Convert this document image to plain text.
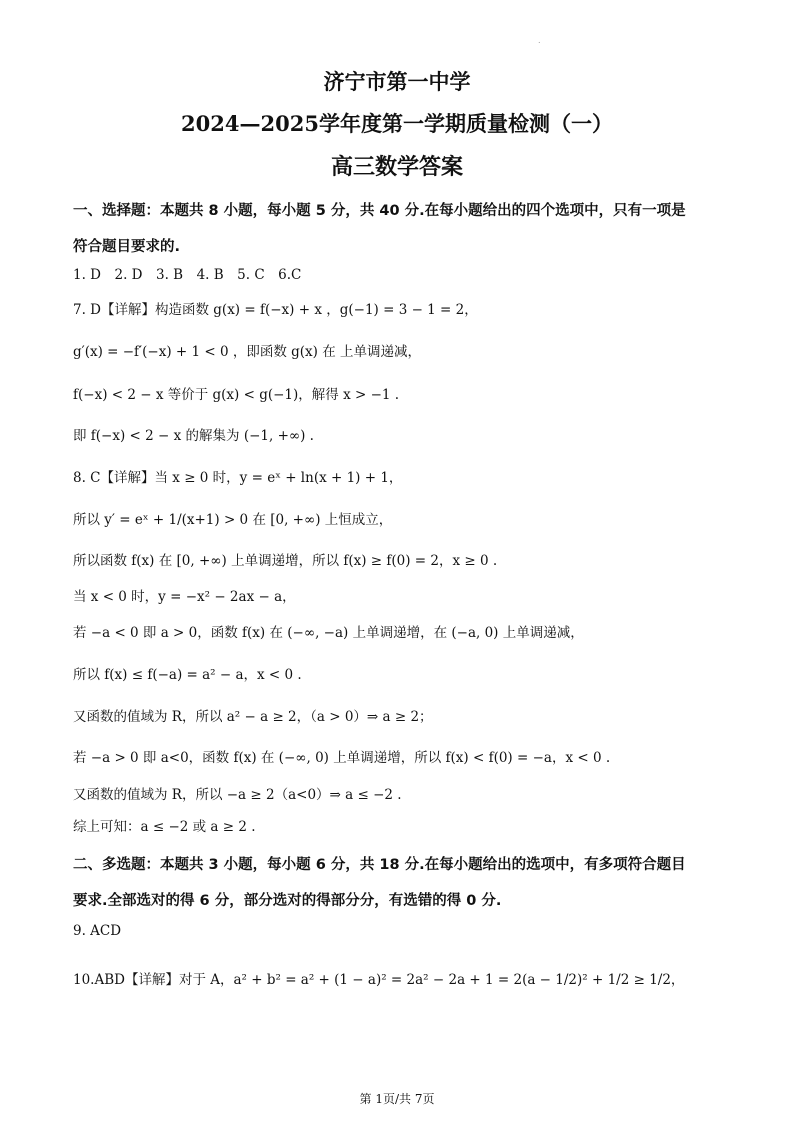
.
济宁市第一中学
2024—2025学年度第一学期质量检测（一）
高三数学答案
一、选择题：本题共 8 小题，每小题 5 分，共 40 分.在每小题给出的四个选项中，只有一项是
符合题目要求的.
1. D　2. D　3. B　4. B　5. C　6.C
7. D【详解】构造函数 g(x) = f(−x) + x ，g(−1) = 3 − 1 = 2，
g′(x) = −f′(−x) + 1 < 0 ，即函数 g(x) 在 上单调递减，
f(−x) < 2 − x 等价于 g(x) < g(−1)，解得 x > −1 .
即 f(−x) < 2 − x 的解集为 (−1, +∞) .
8. C【详解】当 x ≥ 0 时，y = eˣ + ln(x + 1) + 1，
所以 y′ = eˣ + 1/(x+1) > 0 在 [0, +∞) 上恒成立，
所以函数 f(x) 在 [0, +∞) 上单调递增，所以 f(x) ≥ f(0) = 2，x ≥ 0 .
当 x < 0 时，y = −x² − 2ax − a，
若 −a < 0 即 a > 0，函数 f(x) 在 (−∞, −a) 上单调递增，在 (−a, 0) 上单调递减，
所以 f(x) ≤ f(−a) = a² − a，x < 0 .
又函数的值域为 R，所以 a² − a ≥ 2，（a > 0）⇒ a ≥ 2；
若 −a > 0 即 a<0，函数 f(x) 在 (−∞, 0) 上单调递增，所以 f(x) < f(0) = −a，x < 0 .
又函数的值域为 R，所以 −a ≥ 2（a<0）⇒ a ≤ −2 .
综上可知：a ≤ −2 或 a ≥ 2 .
二、多选题：本题共 3 小题，每小题 6 分，共 18 分.在每小题给出的选项中，有多项符合题目
要求.全部选对的得 6 分，部分选对的得部分分，有选错的得 0 分.
9. ACD
10.ABD【详解】对于 A，a² + b² = a² + (1 − a)² = 2a² − 2a + 1 = 2(a − 1/2)² + 1/2 ≥ 1/2，
第 1页/共 7页
